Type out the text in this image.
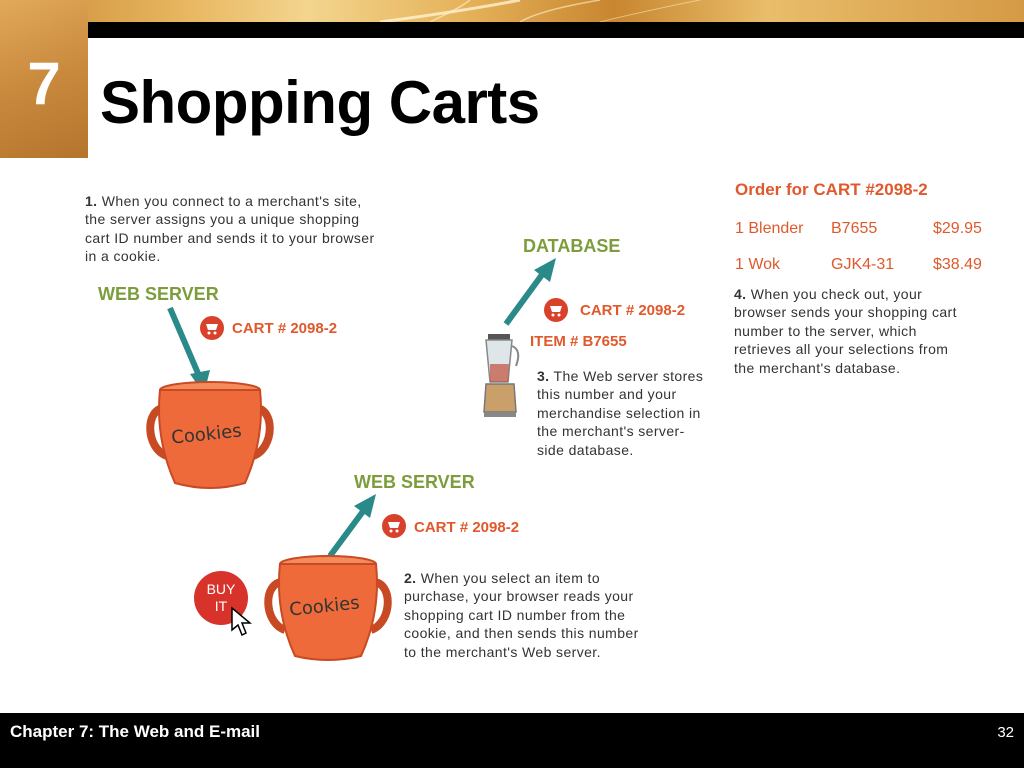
7 Shopping Carts
1. When you connect to a merchant's site, the server assigns you a unique shopping cart ID number and sends it to your browser in a cookie.
2. When you select an item to purchase, your browser reads your shopping cart ID number from the cookie, and then sends this number to the merchant's Web server.
3. The Web server stores this number and your merchandise selection in the merchant's server-side database.
4. When you check out, your browser sends your shopping cart number to the server, which retrieves all your selections from the merchant's database.
WEB SERVER
CART # 2098-2
Cookies
DATABASE
CART # 2098-2
ITEM # B7655
WEB SERVER
CART # 2098-2
Cookies
BUY
IT
Order for CART #2098-2
1 Blender B7655	$29.95
1 Wok	GJK4-31 $38.49
Chapter 7: The Web and E-mail	32
